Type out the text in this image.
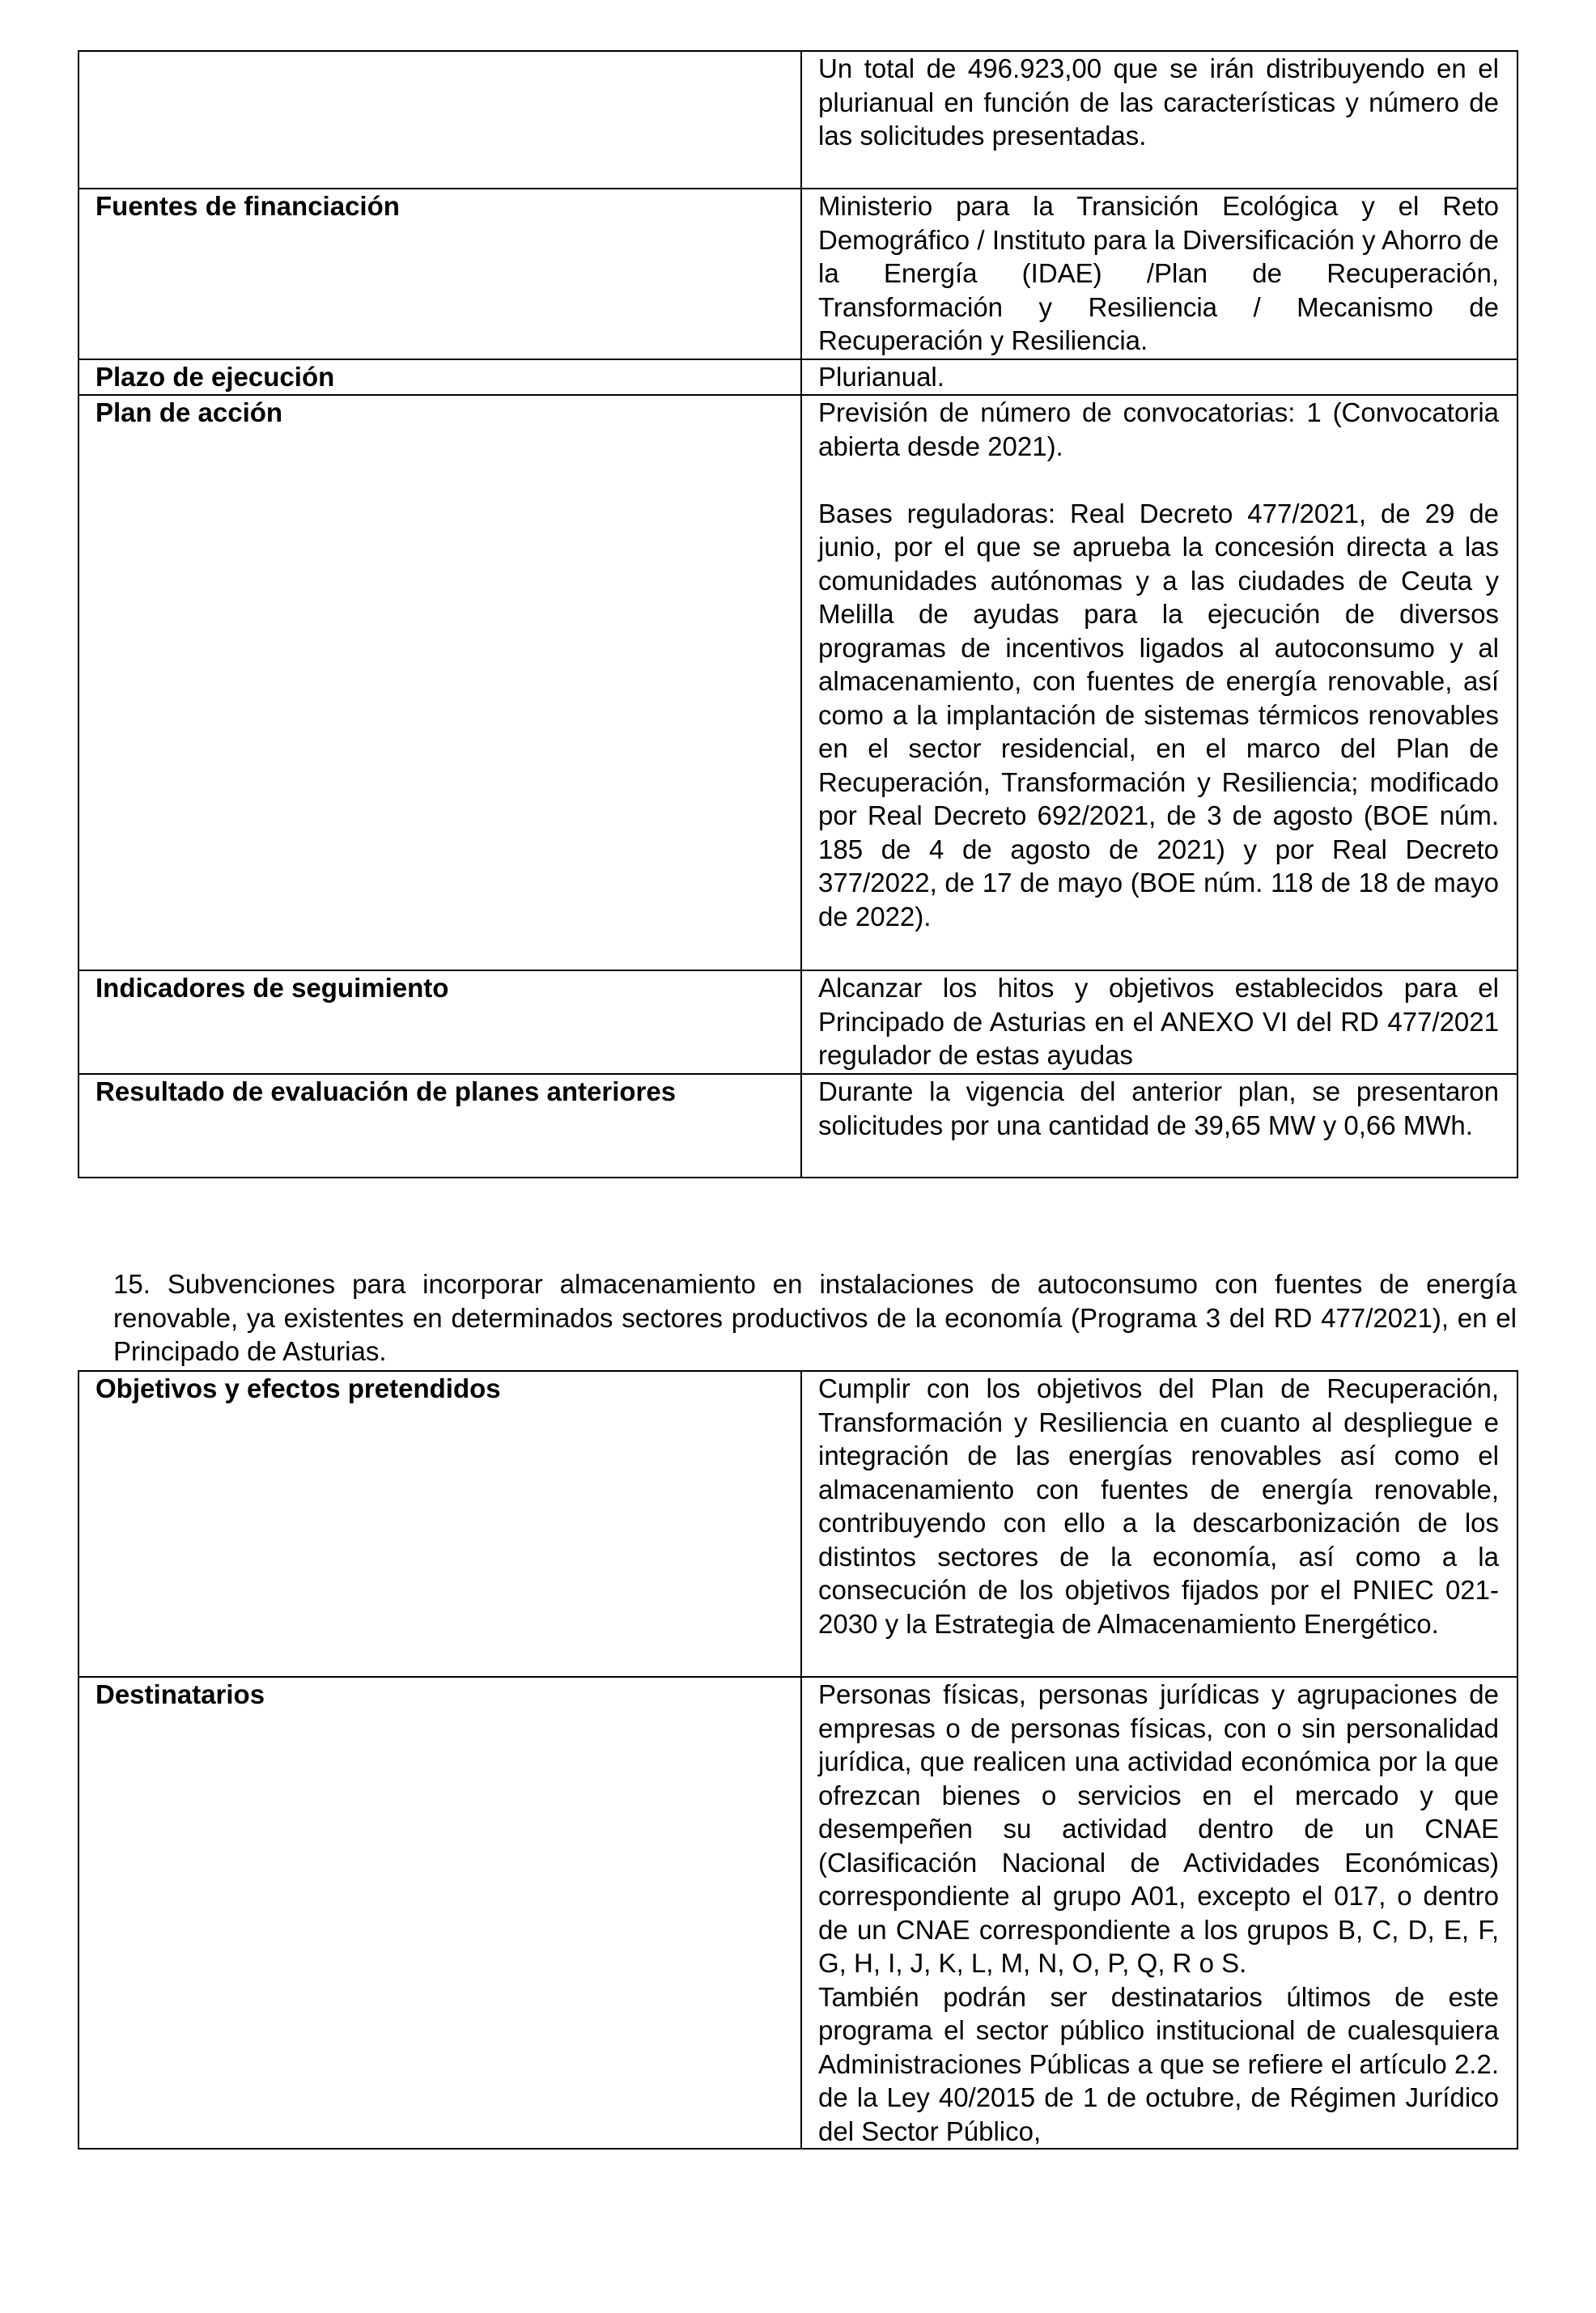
	Un total de 496.923,00 que se irán distribuyendo en el plurianual en función de las características y número de las solicitudes presentadas.

Fuentes de financiación	Ministerio para la Transición Ecológica y el Reto Demográfico / Instituto para la Diversificación y Ahorro de la Energía (IDAE) /Plan de Recuperación, Transformación y Resiliencia / Mecanismo de Recuperación y Resiliencia.

Plazo de ejecución	Plurianual.

Plan de acción	Previsión de número de convocatorias: 1 (Convocatoria abierta desde 2021).

Bases reguladoras: Real Decreto 477/2021, de 29 de junio, por el que se aprueba la concesión directa a las comunidades autónomas y a las ciudades de Ceuta y Melilla de ayudas para la ejecución de diversos programas de incentivos ligados al autoconsumo y al almacenamiento, con fuentes de energía renovable, así como a la implantación de sistemas térmicos renovables en el sector residencial, en el marco del Plan de Recuperación, Transformación y Resiliencia; modificado por Real Decreto 692/2021, de 3 de agosto (BOE núm. 185 de 4 de agosto de 2021) y por Real Decreto 377/2022, de 17 de mayo (BOE núm. 118 de 18 de mayo de 2022).

Indicadores de seguimiento	Alcanzar los hitos y objetivos establecidos para el Principado de Asturias en el ANEXO VI del RD 477/2021 regulador de estas ayudas

Resultado de evaluación de planes anteriores	Durante la vigencia del anterior plan, se presentaron solicitudes por una cantidad de 39,65 MW y 0,66 MWh.

15. Subvenciones para incorporar almacenamiento en instalaciones de autoconsumo con fuentes de energía renovable, ya existentes en determinados sectores productivos de la economía (Programa 3 del RD 477/2021), en el Principado de Asturias.

Objetivos y efectos pretendidos	Cumplir con los objetivos del Plan de Recuperación, Transformación y Resiliencia en cuanto al despliegue e integración de las energías renovables así como el almacenamiento con fuentes de energía renovable, contribuyendo con ello a la descarbonización de los distintos sectores de la economía, así como a la consecución de los objetivos fijados por el PNIEC 021-2030 y la Estrategia de Almacenamiento Energético.

Destinatarios	Personas físicas, personas jurídicas y agrupaciones de empresas o de personas físicas, con o sin personalidad jurídica, que realicen una actividad económica por la que ofrezcan bienes o servicios en el mercado y que desempeñen su actividad dentro de un CNAE (Clasificación Nacional de Actividades Económicas) correspondiente al grupo A01, excepto el 017, o dentro de un CNAE correspondiente a los grupos B, C, D, E, F, G, H, I, J, K, L, M, N, O, P, Q, R o S.

También podrán ser destinatarios últimos de este programa el sector público institucional de cualesquiera Administraciones Públicas a que se refiere el artículo 2.2. de la Ley 40/2015 de 1 de octubre, de Régimen Jurídico del Sector Público,
